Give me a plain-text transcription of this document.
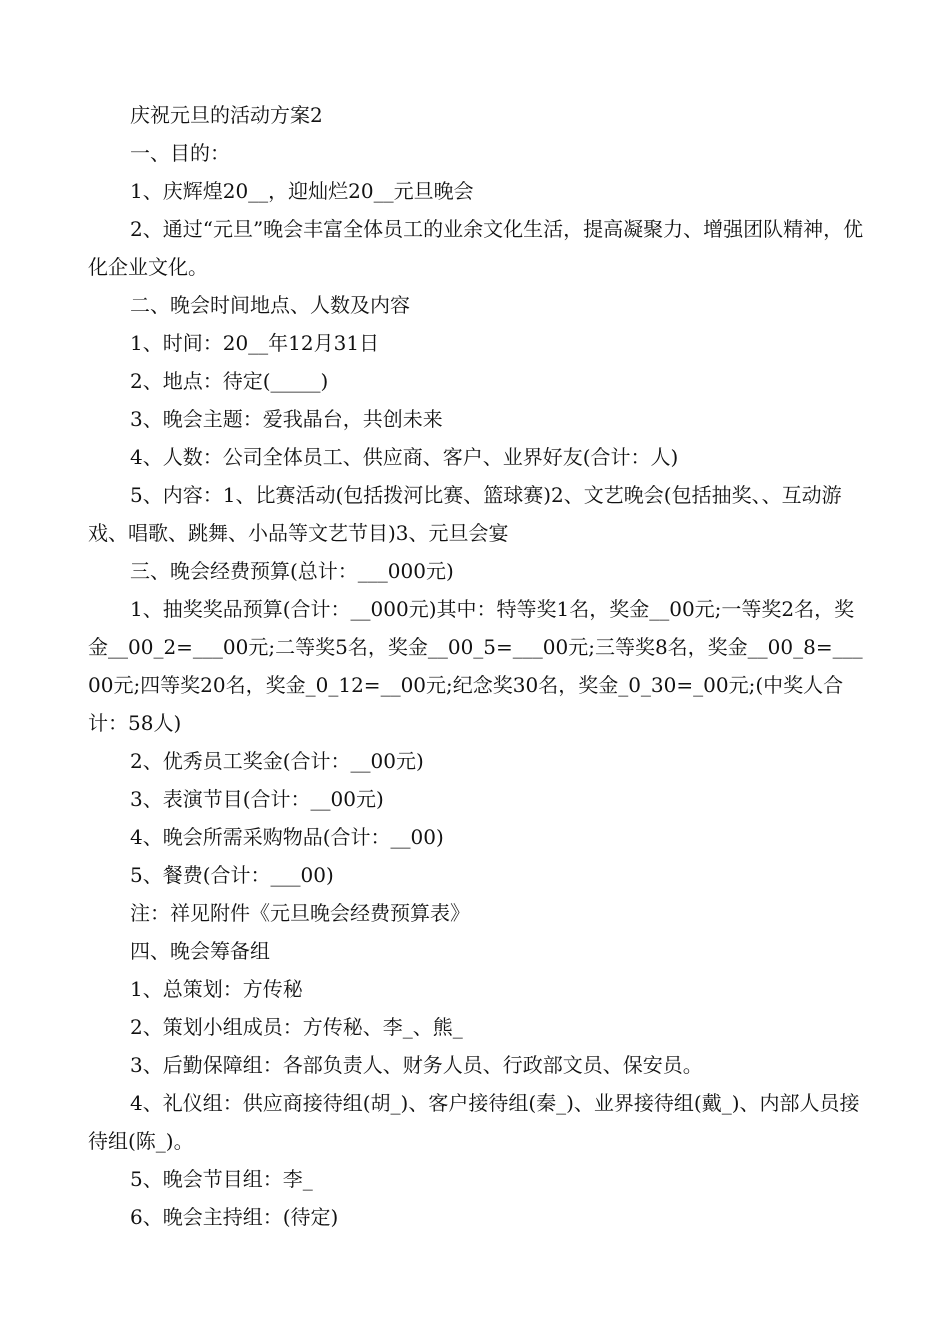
庆祝元旦的活动方案2

一、目的：

1、庆辉煌20__，迎灿烂20__元旦晚会

2、通过“元旦”晚会丰富全体员工的业余文化生活，提高凝聚力、增强团队精神，优化企业文化。

二、晚会时间地点、人数及内容

1、时间：20__年12月31日

2、地点：待定(_____)

3、晚会主题：爱我晶台，共创未来

4、人数：公司全体员工、供应商、客户、业界好友(合计：人)

5、内容：1、比赛活动(包括拨河比赛、篮球赛)2、文艺晚会(包括抽奖、、互动游戏、唱歌、跳舞、小品等文艺节目)3、元旦会宴

三、晚会经费预算(总计：___000元)

1、抽奖奖品预算(合计：__000元)其中：特等奖1名，奖金__00元;一等奖2名，奖金__00_2=___00元;二等奖5名，奖金__00_5=___00元;三等奖8名，奖金__00_8=___00元;四等奖20名，奖金_0_12=__00元;纪念奖30名，奖金_0_30=_00元;(中奖人合计：58人)

2、优秀员工奖金(合计：__00元)

3、表演节目(合计：__00元)

4、晚会所需采购物品(合计：__00)

5、餐费(合计：___00)

注：祥见附件《元旦晚会经费预算表》

四、晚会筹备组

1、总策划：方传秘

2、策划小组成员：方传秘、李_、熊_

3、后勤保障组：各部负责人、财务人员、行政部文员、保安员。

4、礼仪组：供应商接待组(胡_)、客户接待组(秦_)、业界接待组(戴_)、内部人员接待组(陈_)。

5、晚会节目组：李_

6、晚会主持组：(待定)
